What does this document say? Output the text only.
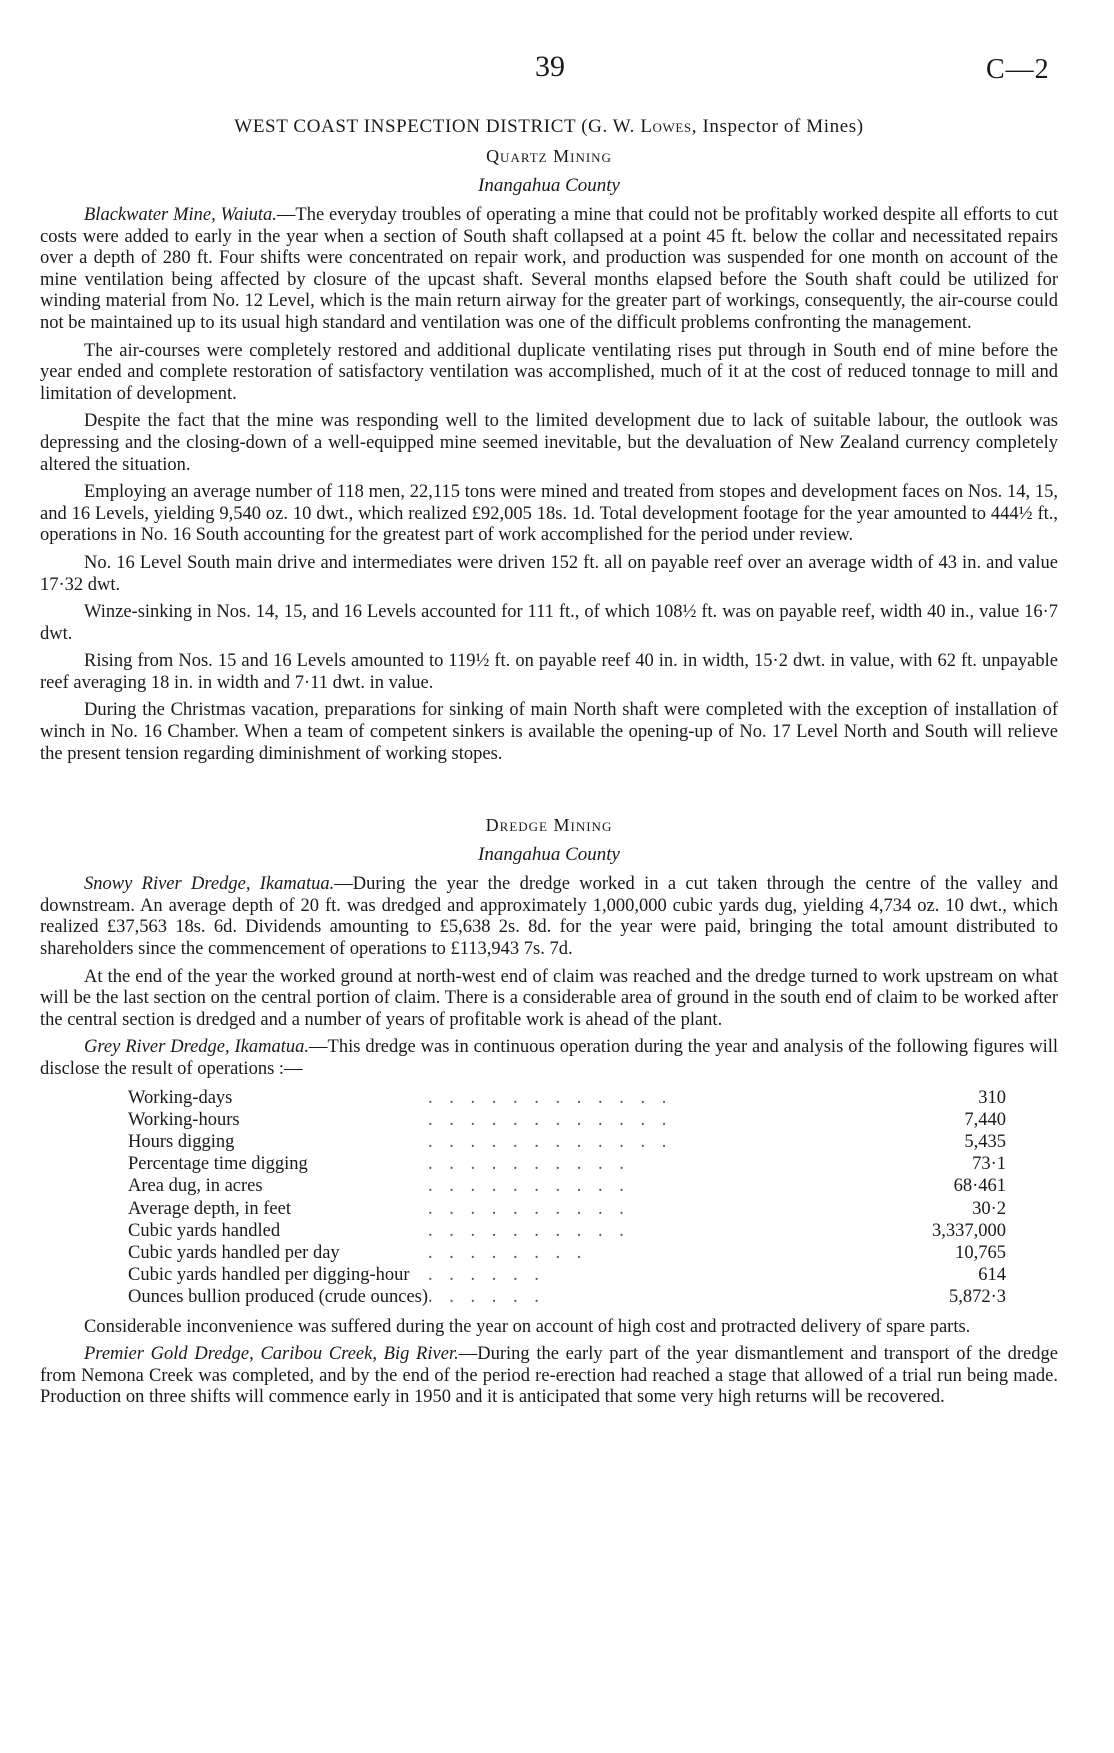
39	C—2
WEST COAST INSPECTION DISTRICT (G. W. Lowes, Inspector of Mines)
Quartz Mining
Inangahua County

Blackwater Mine, Waiuta.—The everyday troubles of operating a mine that could not be profitably worked despite all efforts to cut costs were added to early in the year when a section of South shaft collapsed at a point 45 ft. below the collar and necessitated repairs over a depth of 280 ft. Four shifts were concentrated on repair work, and production was suspended for one month on account of the mine ventilation being affected by closure of the upcast shaft. Several months elapsed before the South shaft could be utilized for winding material from No. 12 Level, which is the main return airway for the greater part of workings, consequently, the air-course could not be maintained up to its usual high standard and ventilation was one of the difficult problems confronting the management.

The air-courses were completely restored and additional duplicate ventilating rises put through in South end of mine before the year ended and complete restoration of satisfactory ventilation was accomplished, much of it at the cost of reduced tonnage to mill and limitation of development.

Despite the fact that the mine was responding well to the limited development due to lack of suitable labour, the outlook was depressing and the closing-down of a well-equipped mine seemed inevitable, but the devaluation of New Zealand currency completely altered the situation.

Employing an average number of 118 men, 22,115 tons were mined and treated from stopes and development faces on Nos. 14, 15, and 16 Levels, yielding 9,540 oz. 10 dwt., which realized £92,005 18s. 1d. Total development footage for the year amounted to 444½ ft., operations in No. 16 South accounting for the greatest part of work accomplished for the period under review.

No. 16 Level South main drive and intermediates were driven 152 ft. all on payable reef over an average width of 43 in. and value 17·32 dwt.

Winze-sinking in Nos. 14, 15, and 16 Levels accounted for 111 ft., of which 108½ ft. was on payable reef, width 40 in., value 16·7 dwt.

Rising from Nos. 15 and 16 Levels amounted to 119½ ft. on payable reef 40 in. in width, 15·2 dwt. in value, with 62 ft. unpayable reef averaging 18 in. in width and 7·11 dwt. in value.

During the Christmas vacation, preparations for sinking of main North shaft were completed with the exception of installation of winch in No. 16 Chamber. When a team of competent sinkers is available the opening-up of No. 17 Level North and South will relieve the present tension regarding diminishment of working stopes.

Dredge Mining
Inangahua County

Snowy River Dredge, Ikamatua.—During the year the dredge worked in a cut taken through the centre of the valley and downstream. An average depth of 20 ft. was dredged and approximately 1,000,000 cubic yards dug, yielding 4,734 oz. 10 dwt., which realized £37,563 18s. 6d. Dividends amounting to £5,638 2s. 8d. for the year were paid, bringing the total amount distributed to shareholders since the commencement of operations to £113,943 7s. 7d.

At the end of the year the worked ground at north-west end of claim was reached and the dredge turned to work upstream on what will be the last section on the central portion of claim. There is a considerable area of ground in the south end of claim to be worked after the central section is dredged and a number of years of profitable work is ahead of the plant.

Grey River Dredge, Ikamatua.—This dredge was in continuous operation during the year and analysis of the following figures will disclose the result of operations :—

Working-days	. . . . . . . . . . . .	310
Working-hours	. . . . . . . . . . . .	7,440
Hours digging	. . . . . . . . . . . .	5,435
Percentage time digging	. . . . . . . . . .	73·1
Area dug, in acres	. . . . . . . . . .	68·461
Average depth, in feet	. . . . . . . . . .	30·2
Cubic yards handled	. . . . . . . . . .	3,337,000
Cubic yards handled per day	. . . . . . . .	10,765
Cubic yards handled per digging-hour	. . . . . .	614
Ounces bullion produced (crude ounces)	. . . . . .	5,872·3

Considerable inconvenience was suffered during the year on account of high cost and protracted delivery of spare parts.

Premier Gold Dredge, Caribou Creek, Big River.—During the early part of the year dismantlement and transport of the dredge from Nemona Creek was completed, and by the end of the period re-erection had reached a stage that allowed of a trial run being made. Production on three shifts will commence early in 1950 and it is anticipated that some very high returns will be recovered.
